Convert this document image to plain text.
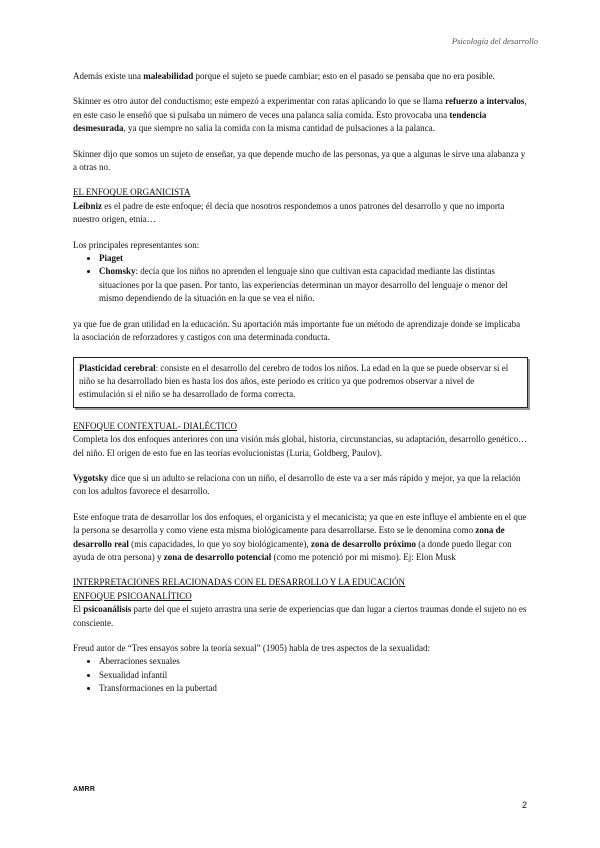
Psicología del desarrollo

Además existe una maleabilidad porque el sujeto se puede cambiar; esto en el pasado se pensaba que no era posible.

Skinner es otro autor del conductismo; este empezó a experimentar con ratas aplicando lo que se llama refuerzo a intervalos, en este caso le enseñó que si pulsaba un número de veces una palanca salía comida. Esto provocaba una tendencia desmesurada, ya que siempre no salía la comida con la misma cantidad de pulsaciones a la palanca.

Skinner dijo que somos un sujeto de enseñar, ya que depende mucho de las personas, ya que a algunas le sirve una alabanza y a otras no.

EL ENFOQUE ORGANICISTA

Leibniz es el padre de este enfoque; él decía que nosotros respondemos a unos patrones del desarrollo y que no importa nuestro origen, etnia…

Los principales representantes son:
• Piaget
• Chomsky: decía que los niños no aprenden el lenguaje sino que cultivan esta capacidad mediante las distintas situaciones por la que pasen. Por tanto, las experiencias determinan un mayor desarrollo del lenguaje o menor del mismo dependiendo de la situación en la que se vea el niño.

ya que fue de gran utilidad en la educación. Su aportación más importante fue un método de aprendizaje donde se implicaba la asociación de reforzadores y castigos con una determinada conducta.

Plasticidad cerebral: consiste en el desarrollo del cerebro de todos los niños. La edad en la que se puede observar si el niño se ha desarrollado bien es hasta los dos años, este periodo es crítico ya que podremos observar a nivel de estimulación si el niño se ha desarrollado de forma correcta.
ENFOQUE CONTEXTUAL- DIALÉCTICO

Completa los dos enfoques anteriores con una visión más global, historia, circunstancias, su adaptación, desarrollo genético… del niño. El origen de esto fue en las teorías evolucionistas (Luria, Goldberg, Paulov).

Vygotsky dice que si un adulto se relaciona con un niño, el desarrollo de este va a ser más rápido y mejor, ya que la relación con los adultos favorece el desarrollo.

Este enfoque trata de desarrollar los dos enfoques, el organicista y el mecanicista; ya que en este influye el ambiente en el que la persona se desarrolla y como viene esta misma biológicamente para desarrollarse. Esto se le denomina como zona de desarrollo real (mis capacidades, lo que yo soy biológicamente), zona de desarrollo próximo (a donde puedo llegar con ayuda de otra persona) y zona de desarrollo potencial (como me potenció por mi mismo). Ej: Elon Musk

INTERPRETACIONES RELACIONADAS CON EL DESARROLLO Y LA EDUCACIÓN

ENFOQUE PSICOANALÍTICO

El psicoanálisis parte del que el sujeto arrastra una serie de experiencias que dan lugar a ciertos traumas donde el sujeto no es consciente.

Freud autor de “Tres ensayos sobre la teoría sexual” (1905) habla de tres aspectos de la sexualidad:
• Aberraciones sexuales
• Sexualidad infantil
• Transformaciones en la pubertad
AMRR
2
